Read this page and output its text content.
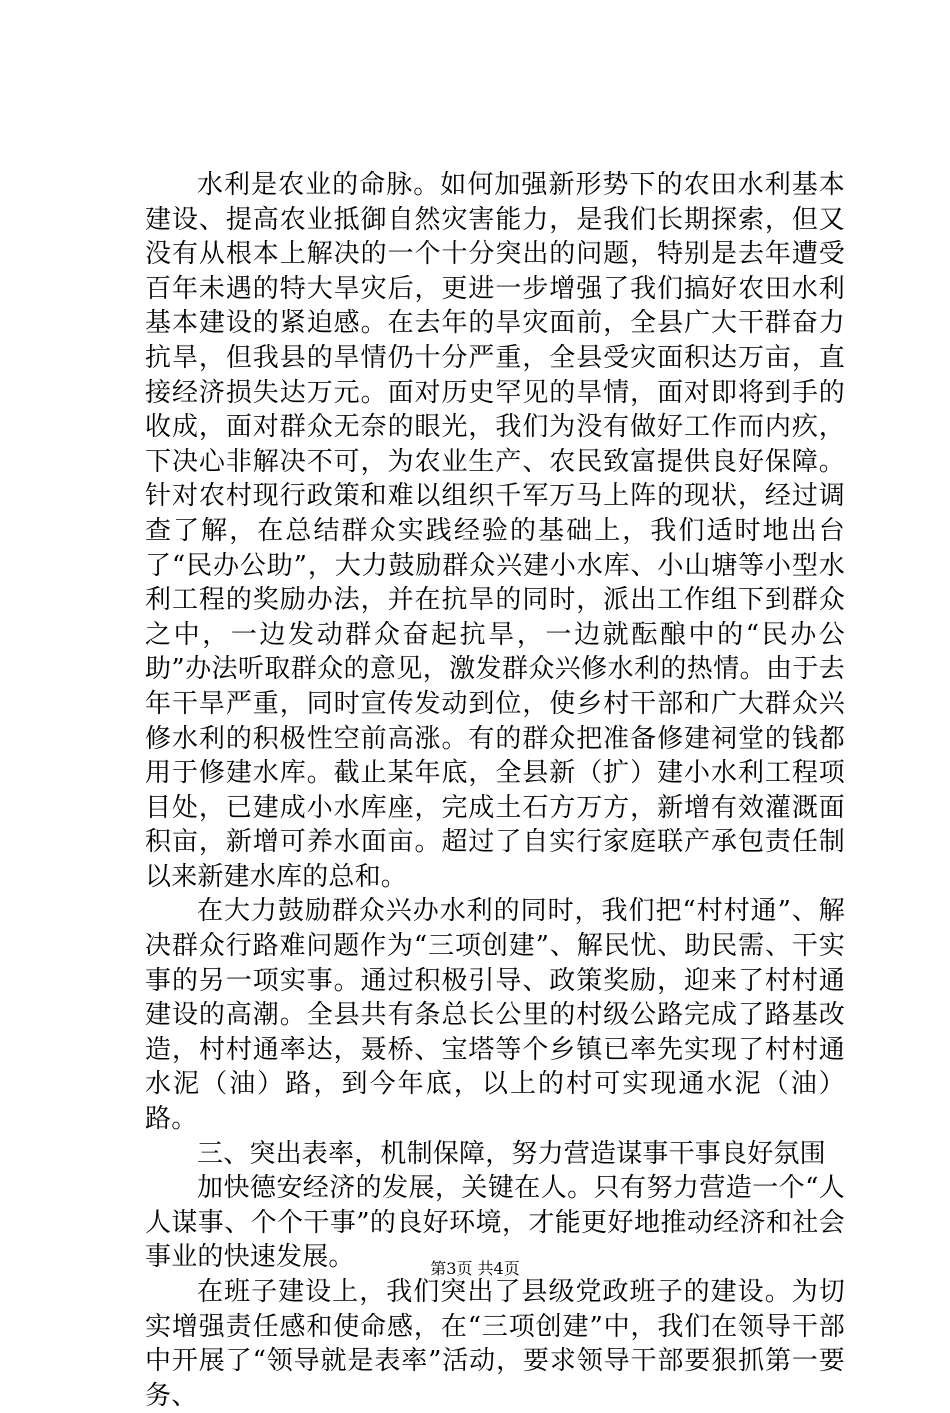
水利是农业的命脉。如何加强新形势下的农田水利基本建设、提高农业抵御自然灾害能力，是我们长期探索，但又没有从根本上解决的一个十分突出的问题，特别是去年遭受百年未遇的特大旱灾后，更进一步增强了我们搞好农田水利基本建设的紧迫感。在去年的旱灾面前，全县广大干群奋力抗旱，但我县的旱情仍十分严重，全县受灾面积达万亩，直接经济损失达万元。面对历史罕见的旱情，面对即将到手的收成，面对群众无奈的眼光，我们为没有做好工作而内疚，下决心非解决不可，为农业生产、农民致富提供良好保障。针对农村现行政策和难以组织千军万马上阵的现状，经过调查了解，在总结群众实践经验的基础上，我们适时地出台了“民办公助”，大力鼓励群众兴建小水库、小山塘等小型水利工程的奖励办法，并在抗旱的同时，派出工作组下到群众之中，一边发动群众奋起抗旱，一边就酝酿中的“民办公助”办法听取群众的意见，激发群众兴修水利的热情。由于去年干旱严重，同时宣传发动到位，使乡村干部和广大群众兴修水利的积极性空前高涨。有的群众把准备修建祠堂的钱都用于修建水库。截止某年底，全县新（扩）建小水利工程项目处，已建成小水库座，完成土石方万方，新增有效灌溉面积亩，新增可养水面亩。超过了自实行家庭联产承包责任制以来新建水库的总和。

在大力鼓励群众兴办水利的同时，我们把“村村通”、解决群众行路难问题作为“三项创建”、解民忧、助民需、干实事的另一项实事。通过积极引导、政策奖励，迎来了村村通建设的高潮。全县共有条总长公里的村级公路完成了路基改造，村村通率达，聂桥、宝塔等个乡镇已率先实现了村村通水泥（油）路，到今年底，以上的村可实现通水泥（油）路。

三、突出表率，机制保障，努力营造谋事干事良好氛围

加快德安经济的发展，关键在人。只有努力营造一个“人人谋事、个个干事”的良好环境，才能更好地推动经济和社会事业的快速发展。

在班子建设上，我们突出了县级党政班子的建设。为切实增强责任感和使命感，在“三项创建”中，我们在领导干部中开展了“领导就是表率”活动，要求领导干部要狠抓第一要务、

第3页 共4页
